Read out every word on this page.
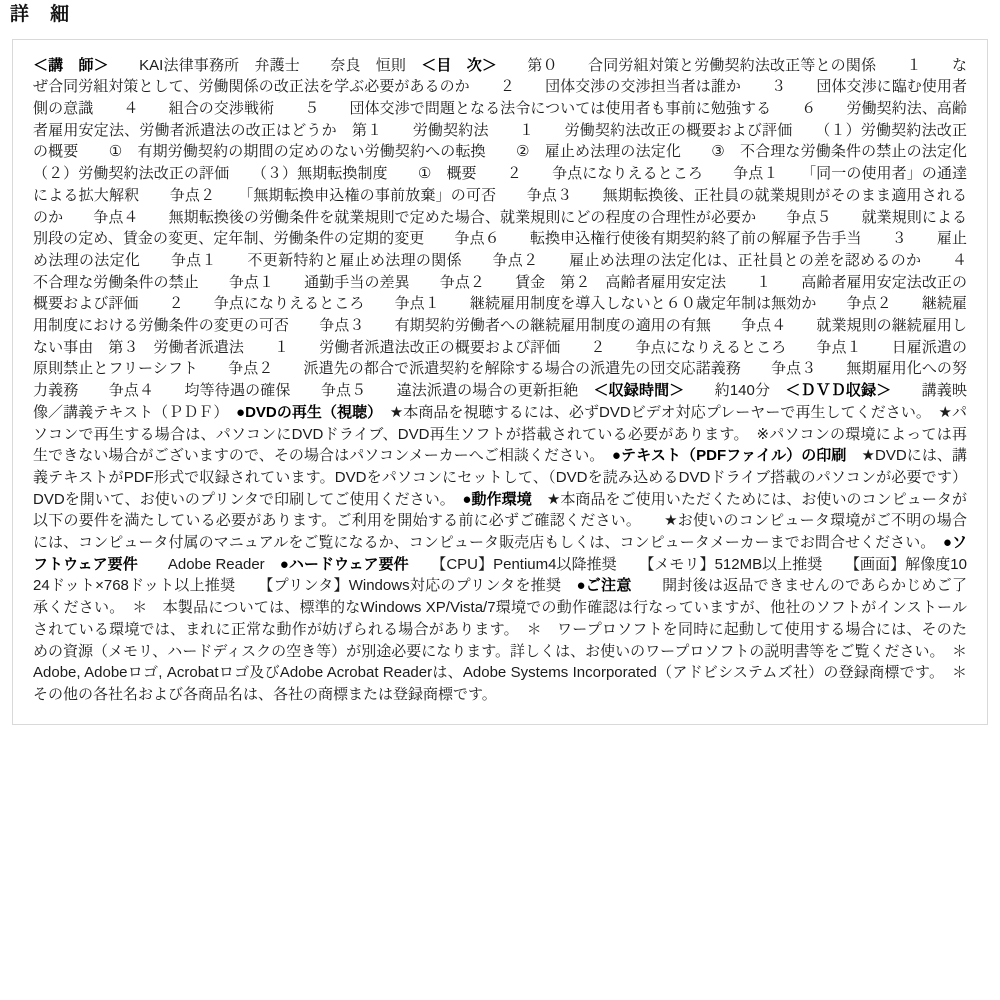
詳　細

＜講　師＞　　KAI法律事務所　弁護士　　奈良　恒則　＜目　次＞　　第０　　合同労組対策と労働契約法改正等との関係　　１　　なぜ合同労組対策として、労働関係の改正法を学ぶ必要があるのか　　２　　団体交渉の交渉担当者は誰か　　３　　団体交渉に臨む使用者側の意識　　４　　組合の交渉戦術　　５　　団体交渉で問題となる法令については使用者も事前に勉強する　　６　　労働契約法、高齢者雇用安定法、労働者派遣法の改正はどうか　第１　　労働契約法　　１　　労働契約法改正の概要および評価　　（１）労働契約法改正の概要　　①　有期労働契約の期間の定めのない労働契約への転換　　②　雇止め法理の法定化　　③　不合理な労働条件の禁止の法定化　　（２）労働契約法改正の評価　　（３）無期転換制度　　①　概要　　２　　争点になりえるところ　　争点１　　「同一の使用者」の通達による拡大解釈　　争点２　　「無期転換申込権の事前放棄」の可否　　争点３　　無期転換後、正社員の就業規則がそのまま適用されるのか　　争点４　　無期転換後の労働条件を就業規則で定めた場合、就業規則にどの程度の合理性が必要か　　争点５　　就業規則による別段の定め、賃金の変更、定年制、労働条件の定期的変更　　争点６　　転換申込権行使後有期契約終了前の解雇予告手当　　３　　雇止め法理の法定化　　争点１　　不更新特約と雇止め法理の関係　　争点２　　雇止め法理の法定化は、正社員との差を認めるのか　　４　　不合理な労働条件の禁止　　争点１　　通勤手当の差異　　争点２　　賃金　第２　高齢者雇用安定法　　１　　高齢者雇用安定法改正の概要および評価　　２　　争点になりえるところ　　争点１　　継続雇用制度を導入しないと６０歳定年制は無効か　　争点２　　継続雇用制度における労働条件の変更の可否　　争点３　　有期契約労働者への継続雇用制度の適用の有無　　争点４　　就業規則の継続雇用しない事由　第３　労働者派遣法　　１　　労働者派遣法改正の概要および評価　　２　　争点になりえるところ　　争点１　　日雇派遣の原則禁止とフリーシフト　　争点２　　派遣先の都合で派遣契約を解除する場合の派遣先の団交応諾義務　　争点３　　無期雇用化への努力義務　　争点４　　均等待遇の確保　　争点５　　違法派遣の場合の更新拒絶　＜収録時間＞　　約140分　＜ＤＶＤ収録＞　　講義映像／講義テキスト（ＰＤＦ）　●DVDの再生（視聴）　★本商品を視聴するには、必ずDVDビデオ対応プレーヤーで再生してください。　★パソコンで再生する場合は、パソコンにDVDドライブ、DVD再生ソフトが搭載されている必要があります。　※パソコンの環境によっては再生できない場合がございますので、その場合はパソコンメーカーへご相談ください。　●テキスト（PDFファイル）の印刷　★DVDには、講義テキストがPDF形式で収録されています。DVDをパソコンにセットして、（DVDを読み込めるDVDドライブ搭載のパソコンが必要です）DVDを開いて、お使いのプリンタで印刷してご使用ください。　●動作環境　★本商品をご使用いただくためには、お使いのコンピュータが以下の要件を満たしている必要があります。ご利用を開始する前に必ずご確認ください。　　★お使いのコンピュータ環境がご不明の場合には、コンピュータ付属のマニュアルをご覧になるか、コンピュータ販売店もしくは、コンピュータメーカーまでお問合せください。　●ソフトウェア要件　　Adobe Reader　●ハードウェア要件　　【CPU】Pentium4以降推奨　　【メモリ】512MB以上推奨　　【画面】解像度1024ドット×768ドット以上推奨　　【プリンタ】Windows対応のプリンタを推奨　●ご注意　　開封後は返品できませんのであらかじめご了承ください。　＊　本製品については、標準的なWindows XP/Vista/7環境での動作確認は行なっていますが、他社のソフトがインストールされている環境では、まれに正常な動作が妨げられる場合があります。　＊　ワープロソフトを同時に起動して使用する場合には、そのための資源（メモリ、ハードディスクの空き等）が別途必要になります。詳しくは、お使いのワープロソフトの説明書等をご覧ください。　＊　Adobe, Adobeロゴ, Acrobatロゴ及びAdobe Acrobat Readerは、Adobe Systems Incorporated（アドビシステムズ社）の登録商標です。　＊　その他の各社名および各商品名は、各社の商標または登録商標です。
